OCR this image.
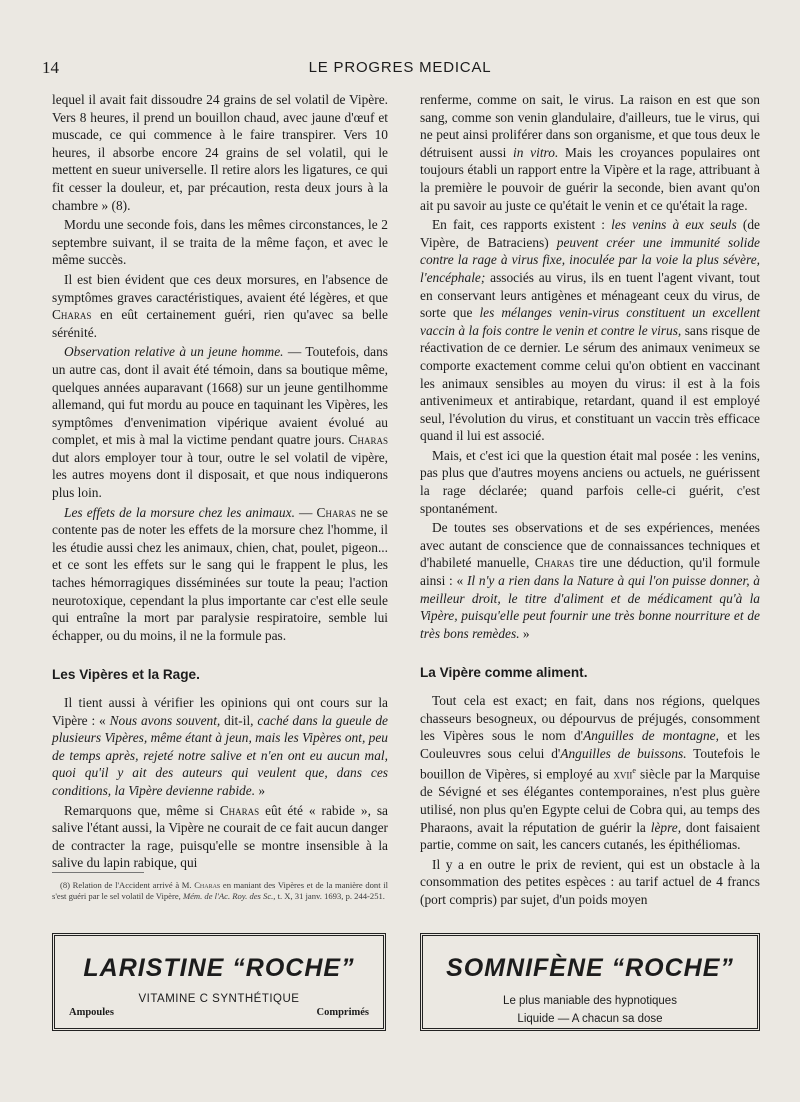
14	LE PROGRES MEDICAL

lequel il avait fait dissoudre 24 grains de sel volatil de Vipère. Vers 8 heures, il prend un bouillon chaud, avec jaune d'œuf et muscade, ce qui commence à le faire transpirer. Vers 10 heures, il absorbe encore 24 grains de sel volatil, qui le mettent en sueur universelle. Il retire alors les ligatures, ce qui fit cesser la douleur, et, par précaution, resta deux jours à la chambre » (8).

Mordu une seconde fois, dans les mêmes circonstances, le 2 septembre suivant, il se traita de la même façon, et avec le même succès.

Il est bien évident que ces deux morsures, en l'absence de symptômes graves caractéristiques, avaient été légères, et que Charas en eût certainement guéri, rien qu'avec sa belle sérénité.

Observation relative à un jeune homme. — Toutefois, dans un autre cas, dont il avait été témoin, dans sa boutique même, quelques années auparavant (1668) sur un jeune gentilhomme allemand, qui fut mordu au pouce en taquinant les Vipères, les symptômes d'envenimation vipérique avaient évolué au complet, et mis à mal la victime pendant quatre jours. Charas dut alors employer tour à tour, outre le sel volatil de vipère, les autres moyens dont il disposait, et que nous indiquerons plus loin.

Les effets de la morsure chez les animaux. — Charas ne se contente pas de noter les effets de la morsure chez l'homme, il les étudie aussi chez les animaux, chien, chat, poulet, pigeon... et ce sont les effets sur le sang qui le frappent le plus, les taches hémorragiques disséminées sur toute la peau; l'action neurotoxique, cependant la plus importante car c'est elle seule qui entraîne la mort par paralysie respiratoire, semble lui échapper, ou du moins, il ne la formule pas.

Les Vipères et la Rage.

Il tient aussi à vérifier les opinions qui ont cours sur la Vipère : « Nous avons souvent, dit-il, caché dans la gueule de plusieurs Vipères, même étant à jeun, mais les Vipères ont, peu de temps après, rejeté notre salive et n'en ont eu aucun mal, quoi qu'il y ait des auteurs qui veulent que, dans ces conditions, la Vipère devienne rabide. »

Remarquons que, même si Charas eût été « rabide », sa salive l'étant aussi, la Vipère ne courait de ce fait aucun danger de contracter la rage, puisqu'elle se montre insensible à la salive du lapin rabique, qui

renferme, comme on sait, le virus. La raison en est que son sang, comme son venin glandulaire, d'ailleurs, tue le virus, qui ne peut ainsi proliférer dans son organisme, et que tous deux le détruisent aussi in vitro. Mais les croyances populaires ont toujours établi un rapport entre la Vipère et la rage, attribuant à la première le pouvoir de guérir la seconde, bien avant qu'on ait pu savoir au juste ce qu'était le venin et ce qu'était la rage.

En fait, ces rapports existent : les venins à eux seuls (de Vipère, de Batraciens) peuvent créer une immunité solide contre la rage à virus fixe, inoculée par la voie la plus sévère, l'encéphale; associés au virus, ils en tuent l'agent vivant, tout en conservant leurs antigènes et ménageant ceux du virus, de sorte que les mélanges venin-virus constituent un excellent vaccin à la fois contre le venin et contre le virus, sans risque de réactivation de ce dernier. Le sérum des animaux venimeux se comporte exactement comme celui qu'on obtient en vaccinant les animaux sensibles au moyen du virus: il est à la fois antivenimeux et antirabique, retardant, quand il est employé seul, l'évolution du virus, et constituant un vaccin très efficace quand il lui est associé.

Mais, et c'est ici que la question était mal posée : les venins, pas plus que d'autres moyens anciens ou actuels, ne guérissent la rage déclarée; quand parfois celle-ci guérit, c'est spontanément.

De toutes ses observations et de ses expériences, menées avec autant de conscience que de connaissances techniques et d'habileté manuelle, Charas tire une déduction, qu'il formule ainsi : « Il n'y a rien dans la Nature à qui l'on puisse donner, à meilleur droit, le titre d'aliment et de médicament qu'à la Vipère, puisqu'elle peut fournir une très bonne nourriture et de très bons remèdes. »

La Vipère comme aliment.

Tout cela est exact; en fait, dans nos régions, quelques chasseurs besogneux, ou dépourvus de préjugés, consomment les Vipères sous le nom d'Anguilles de montagne, et les Couleuvres sous celui d'Anguilles de buissons. Toutefois le bouillon de Vipères, si employé au xvii$^e$ siècle par la Marquise de Sévigné et ses élégantes contemporaines, n'est plus guère utilisé, non plus qu'en Egypte celui de Cobra qui, au temps des Pharaons, avait la réputation de guérir la lèpre, dont faisaient partie, comme on sait, les cancers cutanés, les épithéliomas.

Il y a en outre le prix de revient, qui est un obstacle à la consommation des petites espèces : au tarif actuel de 4 francs (port compris) par sujet, d'un poids moyen

(8) Relation de l'Accident arrivé à M. Charas en maniant des Vipères et de la manière dont il s'est guéri par le sel volatil de Vipère, Mém. de l'Ac. Roy. des Sc., t. X, 31 janv. 1693, p. 244-251.

LARISTINE “ROCHE”
VITAMINE C SYNTHÉTIQUE
Ampoules	Comprimés
SOMNIFÈNE “ROCHE”
Le plus maniable des hypnotiques
Liquide — A chacun sa dose
